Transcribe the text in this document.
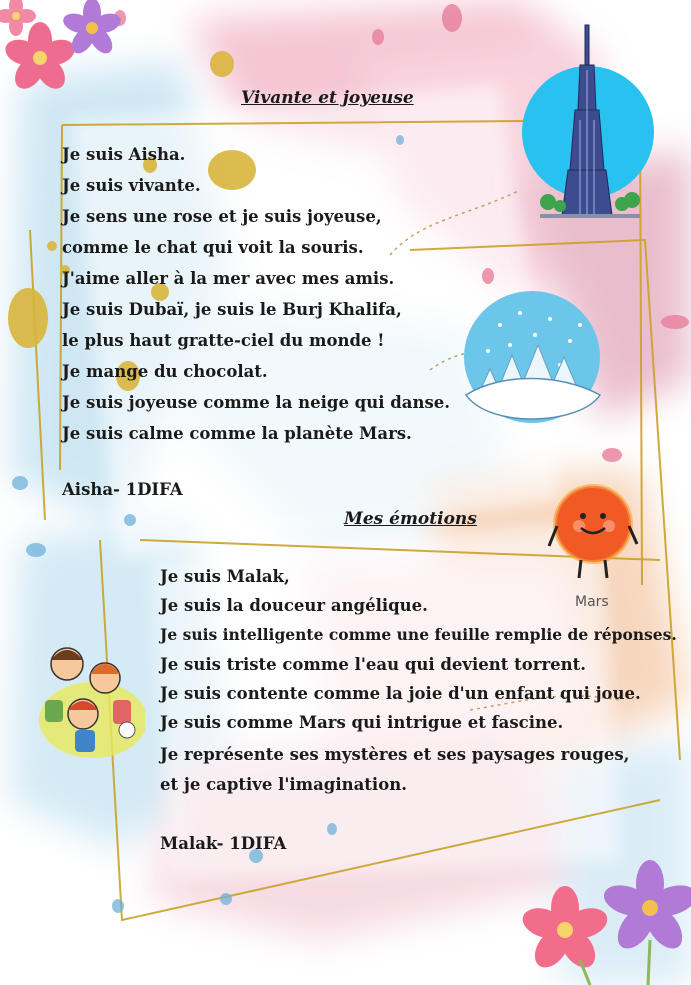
Mars
Vivante et joyeuse
Je suis Aisha.
Je suis vivante.
Je sens une rose et je suis joyeuse,
comme le chat qui voit la souris.
J'aime aller à la mer avec mes amis.
Je suis Dubaï, je suis le Burj Khalifa,
le plus haut gratte-ciel du monde !
Je mange du chocolat.
Je suis joyeuse comme la neige qui danse.
Je suis calme comme la planète Mars.
Aisha- 1DIFA
Mes émotions
Je suis Malak,
Je suis la douceur angélique.
Je suis intelligente comme une feuille remplie de réponses.
Je suis triste comme l'eau qui devient torrent.
Je suis contente comme la joie d'un enfant qui joue.
Je suis comme Mars qui intrigue et fascine.
Je représente ses mystères et ses paysages rouges,
et je captive l'imagination.
Malak- 1DIFA
